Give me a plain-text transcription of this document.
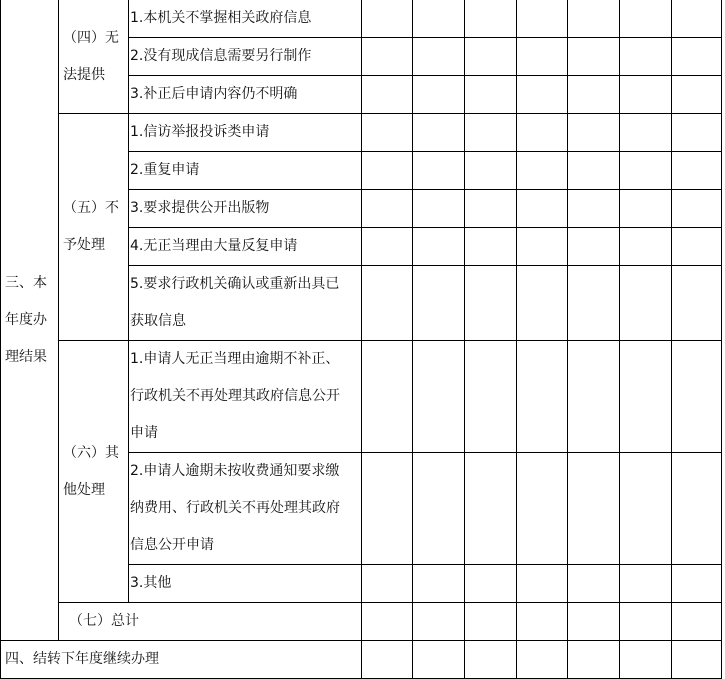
三、本
年度办
理结果	（四）无
法提供	1.本机关不掌握相关政府信息							

		2.没有现成信息需要另行制作							

		3.补正后申请内容仍不明确							

	（五）不
予处理	1.信访举报投诉类申请							

		2.重复申请							

		3.要求提供公开出版物							

		4.无正当理由大量反复申请							

		5.要求行政机关确认或重新出具已
获取信息							

	（六）其
他处理	1.申请人无正当理由逾期不补正、
行政机关不再处理其政府信息公开
申请							

		2.申请人逾期未按收费通知要求缴
纳费用、行政机关不再处理其政府
信息公开申请							

		3.其他							

	（七）总计								
四、结转下年度继续办理									
